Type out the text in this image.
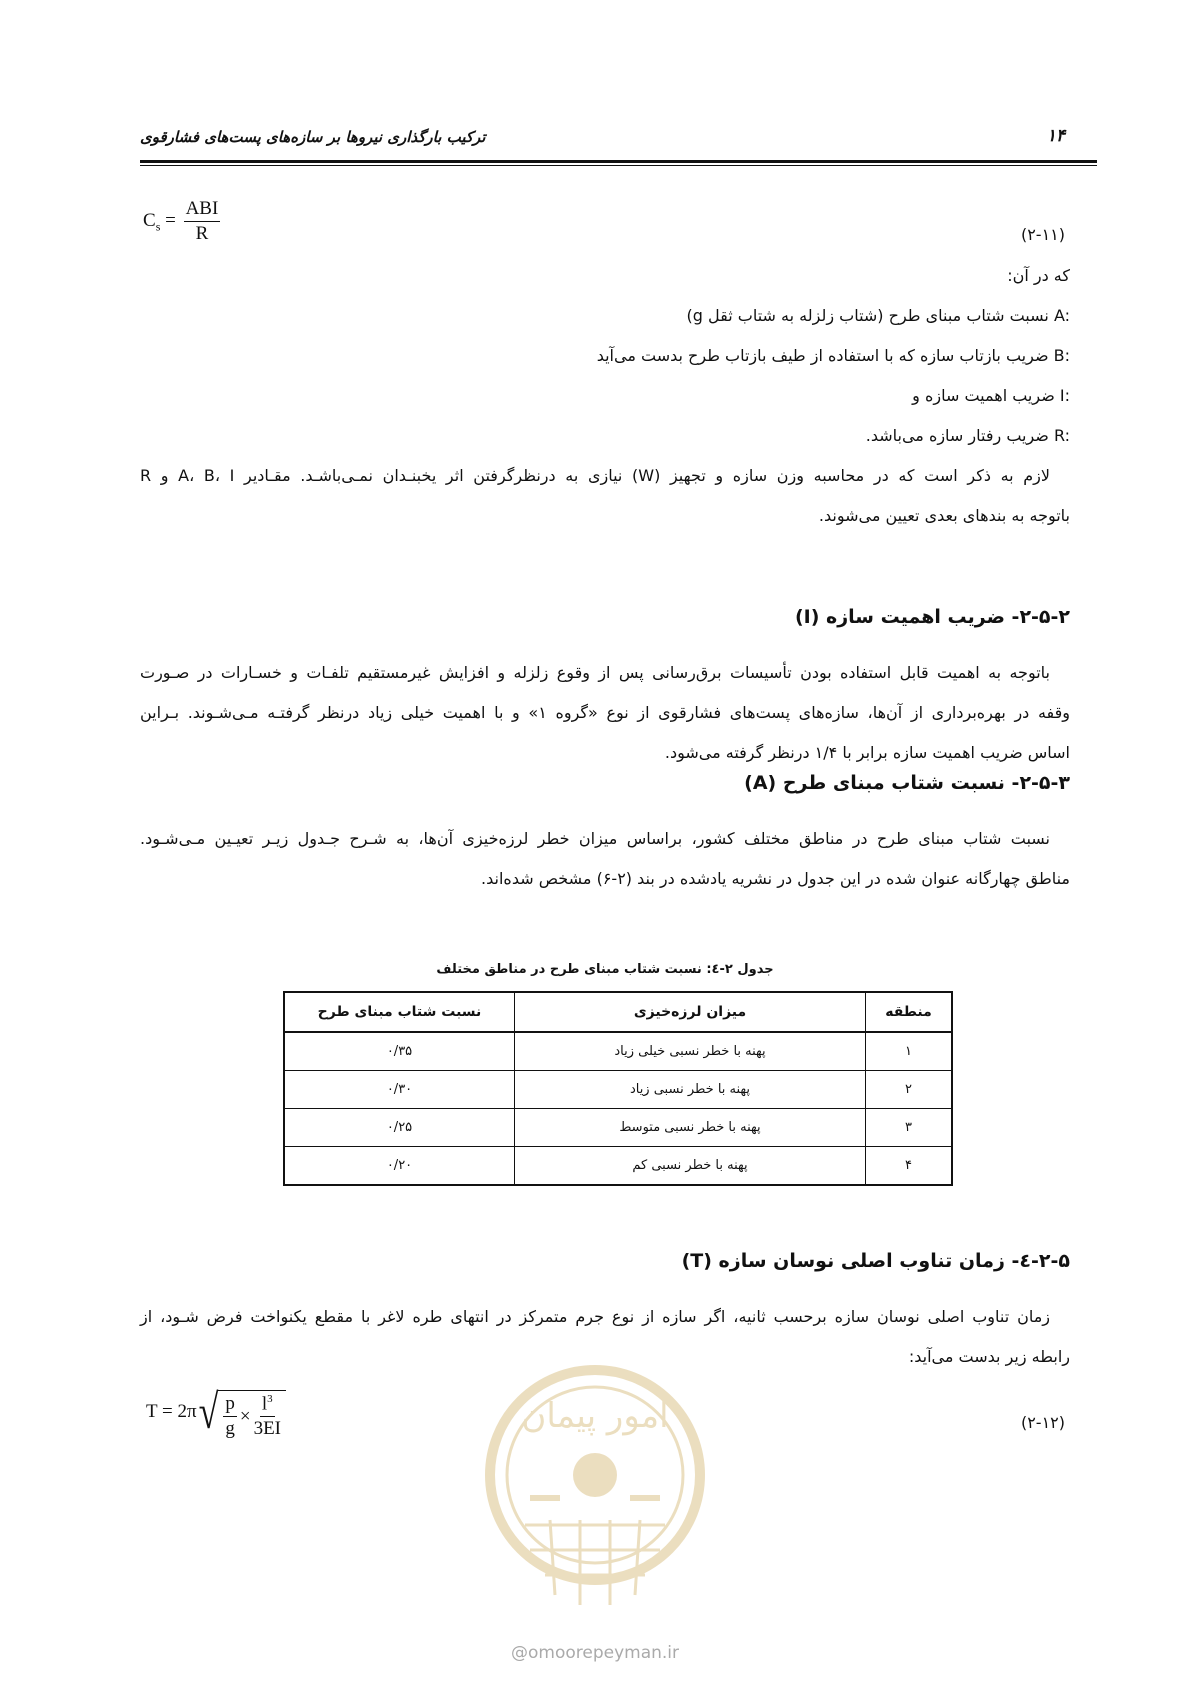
ترکیب بارگذاری نیروها بر سازه‌های پست‌های فشارقوی	۱۴
$C_s = \frac{\text{ABI}}{R}$	(۲-۱۱)
که در آن:
A: نسبت شتاب مبنای طرح (شتاب زلزله به شتاب ثقل g)
B: ضریب بازتاب سازه که با استفاده از طیف بازتاب طرح بدست می‌آید
I: ضریب اهمیت سازه و
R: ضریب رفتار سازه می‌باشد.
لازم به ذکر است که در محاسبه وزن سازه و تجهیز (W) نیازی به درنظرگرفتن اثر یخبنـدان نمـی‌باشـد. مقـادیر A، B، I و R
باتوجه به بندهای بعدی تعیین می‌شوند.
۲-۵-۲- ضریب اهمیت سازه (I)
باتوجه به اهمیت قابل استفاده بودن تأسیسات برق‌رسانی پس از وقوع زلزله و افزایش غیرمستقیم تلفـات و خسـارات در صـورت
وقفه در بهره‌برداری از آن‌ها، سازه‌های پست‌های فشارقوی از نوع «گروه ۱» و با اهمیت خیلی زیاد درنظر گرفتـه مـی‌شـوند. بـراین
اساس ضریب اهمیت سازه برابر با ۱/۴ درنظر گرفته می‌شود.
۲-۵-۳- نسبت شتاب مبنای طرح (A)
نسبت شتاب مبنای طرح در مناطق مختلف کشور، براساس میزان خطر لرزه‌خیزی آن‌ها، به شـرح جـدول زیـر تعیـین مـی‌شـود.
مناطق چهارگانه عنوان شده در این جدول در نشریه یادشده در بند (۲-۶) مشخص شده‌اند.
جدول ۲-٤: نسبت شتاب مبنای طرح در مناطق مختلف
منطقه	میزان لرزه‌خیزی	نسبت شتاب مبنای طرح
۱	پهنه با خطر نسبی خیلی زیاد	۰/۳۵
۲	پهنه با خطر نسبی زیاد	۰/۳۰
۳	پهنه با خطر نسبی متوسط	۰/۲۵
۴	پهنه با خطر نسبی کم	۰/۲۰
۲-۵-٤- زمان تناوب اصلی نوسان سازه (T)
زمان تناوب اصلی نوسان سازه برحسب ثانیه، اگر سازه از نوع جرم متمرکز در انتهای طره لاغر با مقطع یکنواخت فرض شـود، از
رابطه زیر بدست می‌آید:
T = 2π √ $\frac{p}{g} \times \frac{l^3}{3EI}$	(۲-۱۲)
امور پیمان
@omoorepeyman.ir
